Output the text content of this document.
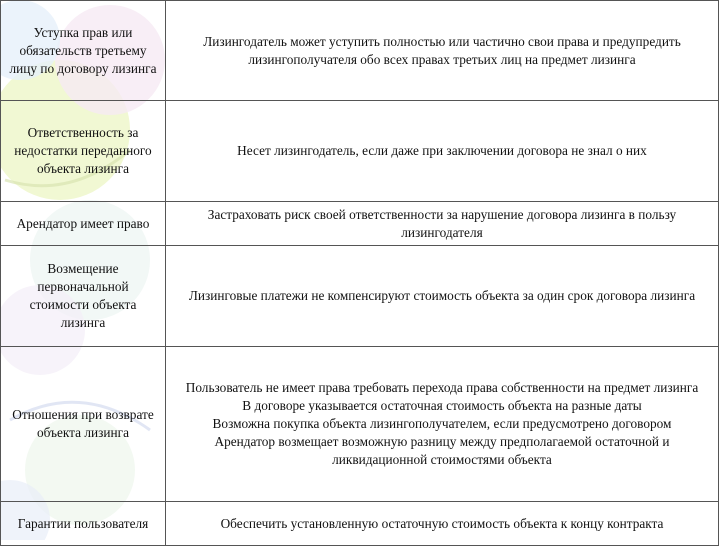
Уступка прав или обязательств третьему лицу по договору лизинга	Лизингодатель может уступить полностью или частично свои права и предупредить лизингополучателя обо всех правах третьих лиц на предмет лизинга

Ответственность за недостатки переданного объекта лизинга	Несет лизингодатель, если даже при заключении договора не знал о них

Арендатор имеет право	Застраховать риск своей ответственности за нарушение договора лизинга в пользу лизингодателя

Возмещение первоначальной стоимости объекта лизинга	Лизинговые платежи не компенсируют стоимость объекта за один срок договора лизинга

Отношения при возврате объекта лизинга	Пользователь не имеет права требовать перехода права собственности на предмет лизинга
В договоре указывается остаточная стоимость объекта на разные даты
Возможна покупка объекта лизингополучателем, если предусмотрено договором
Арендатор возмещает возможную разницу между предполагаемой остаточной и ликвидационной стоимостями объекта

Гарантии пользователя	Обеспечить установленную остаточную стоимость объекта к концу контракта
